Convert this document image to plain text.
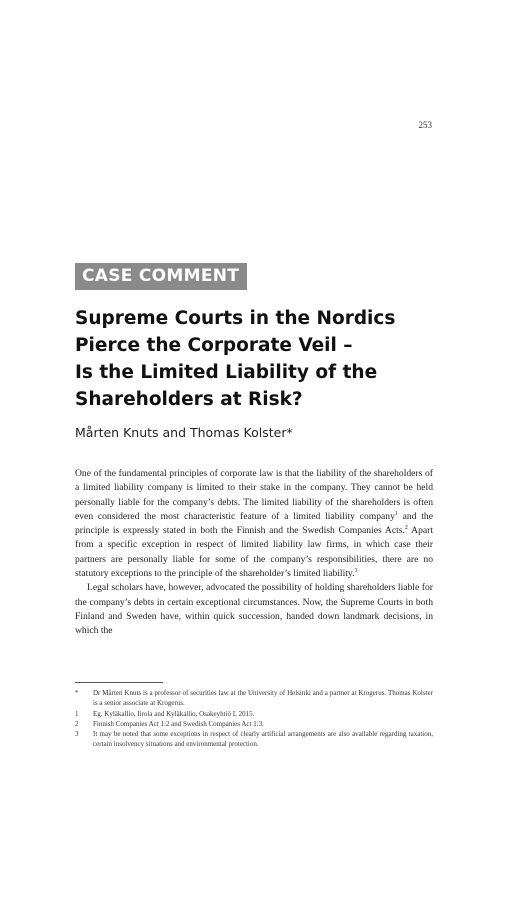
253
CASE COMMENT
Supreme Courts in the Nordics
Pierce the Corporate Veil –
Is the Limited Liability of the
Shareholders at Risk?
Mårten Knuts and Thomas Kolster*

One of the fundamental principles of corporate law is that the liability of the shareholders of a limited liability company is limited to their stake in the company. They cannot be held personally liable for the company’s debts. The limited liability of the shareholders is often even considered the most characteristic feature of a limited liability company$^1$ and the principle is expressly stated in both the Finnish and the Swedish Companies Acts.$^2$ Apart from a specific exception in respect of limited liability law firms, in which case their partners are personally liable for some of the company’s responsibilities, there are no statutory exceptions to the principle of the shareholder’s limited liability.$^3$

Legal scholars have, however, advocated the possibility of holding shareholders liable for the company’s debts in certain exceptional circumstances. Now, the Supreme Courts in both Finland and Sweden have, within quick succession, handed down landmark decisions, in which the

*	Dr Mårten Knuts is a professor of securities law at the University of Helsinki and a partner at Krogerus. Thomas Kolster is a senior associate at Krogerus.
1	Eg. Kyläkallio, Iirola and Kyläkallio, Osakeyhtiö I, 2015.
2	Finnish Companies Act 1:2 and Swedish Companies Act 1:3.
3	It may be noted that some exceptions in respect of clearly artificial arrangements are also available regarding taxation, certain insolvency situations and environmental protection.
